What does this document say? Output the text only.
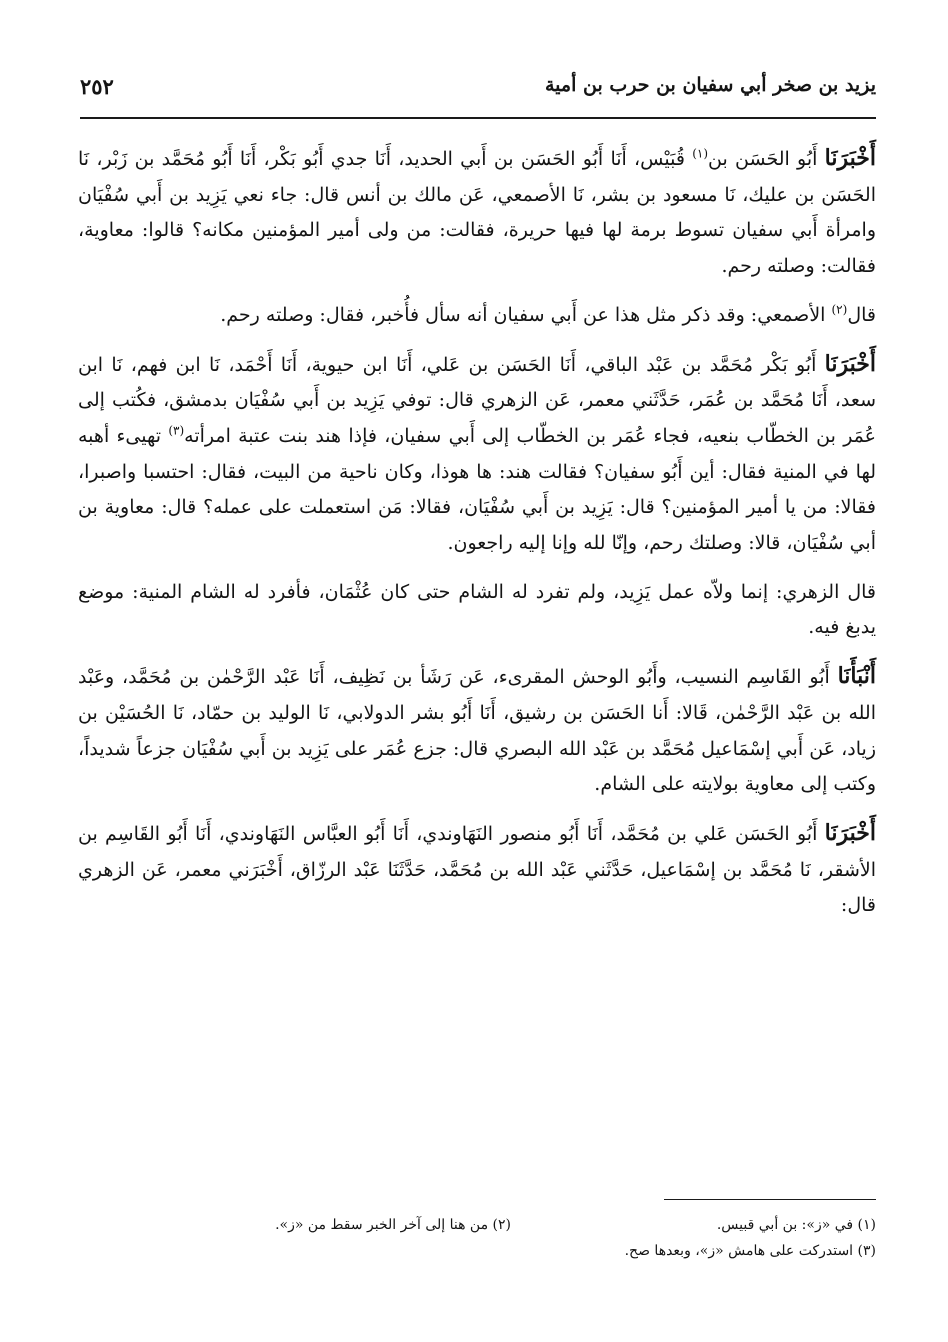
يزيد بن صخر أبي سفيان بن حرب بن أمية
٢٥٢

أَخْبَرَنَا أَبُو الحَسَن بن$^{(١)}$ قُبَيْس، أَنَا أَبُو الحَسَن بن أَبي الحديد، أَنَا جدي أَبُو بَكْر، أَنَا أَبُو مُحَمَّد بن زَبْر، نَا الحَسَن بن عليك، نَا مسعود بن بشر، نَا الأصمعي، عَن مالك بن أنس قال: جاء نعي يَزِيد بن أَبي سُفْيَان وامرأة أَبي سفيان تسوط برمة لها فيها حريرة، فقالت: من ولى أمير المؤمنين مكانه؟ قالوا: معاوية، فقالت: وصلته رحم.

قال$^{(٢)}$ الأصمعي: وقد ذكر مثل هذا عن أَبي سفيان أنه سأل فأُخبر، فقال: وصلته رحم.

أَخْبَرَنَا أَبُو بَكْر مُحَمَّد بن عَبْد الباقي، أَنَا الحَسَن بن عَلي، أَنَا ابن حيوية، أَنَا أَحْمَد، نَا ابن فهم، نَا ابن سعد، أَنَا مُحَمَّد بن عُمَر، حَدَّثَني معمر، عَن الزهري قال: توفي يَزِيد بن أَبي سُفْيَان بدمشق، فكُتب إلى عُمَر بن الخطّاب بنعيه، فجاء عُمَر بن الخطّاب إلى أَبي سفيان، فإذا هند بنت عتبة امرأته$^{(٣)}$ تهيىء أهبه لها في المنية فقال: أين أَبُو سفيان؟ فقالت هند: ها هوذا، وكان ناحية من البيت، فقال: احتسبا واصبرا، فقالا: من يا أمير المؤمنين؟ قال: يَزِيد بن أَبي سُفْيَان، فقالا: مَن استعملت على عمله؟ قال: معاوية بن أبي سُفْيَان، قالا: وصلتك رحم، وإنّا لله وإنا إليه راجعون.

قال الزهري: إنما ولاّه عمل يَزِيد، ولم تفرد له الشام حتى كان عُثْمَان، فأفرد له الشام المنية: موضع يدبغ فيه.

أَنْبَأَنَا أَبُو القَاسِم النسيب، وأَبُو الوحش المقرىء، عَن رَشَأ بن نَظِيف، أَنَا عَبْد الرَّحْمٰن بن مُحَمَّد، وعَبْد الله بن عَبْد الرَّحْمٰن، قَالا: أَنا الحَسَن بن رشيق، أَنَا أَبُو بشر الدولابي، نَا الوليد بن حمّاد، نَا الحُسَيْن بن زياد، عَن أَبي إسْمَاعيل مُحَمَّد بن عَبْد الله البصري قال: جزع عُمَر على يَزِيد بن أَبي سُفْيَان جزعاً شديداً، وكتب إلى معاوية بولايته على الشام.

أَخْبَرَنَا أَبُو الحَسَن عَلي بن مُحَمَّد، أَنَا أَبُو منصور النَهَاوندي، أَنَا أَبُو العبَّاس النَهَاوندي، أَنَا أَبُو القَاسِم بن الأشقر، نَا مُحَمَّد بن إسْمَاعيل، حَدَّثَني عَبْد الله بن مُحَمَّد، حَدَّثَنَا عَبْد الرزّاق، أَخْبَرَني معمر، عَن الزهري قال:

(١) في «ز»: بن أبي قبيس.
(٢) من هنا إلى آخر الخبر سقط من «ز».
(٣) استدركت على هامش «ز»، وبعدها صح.
